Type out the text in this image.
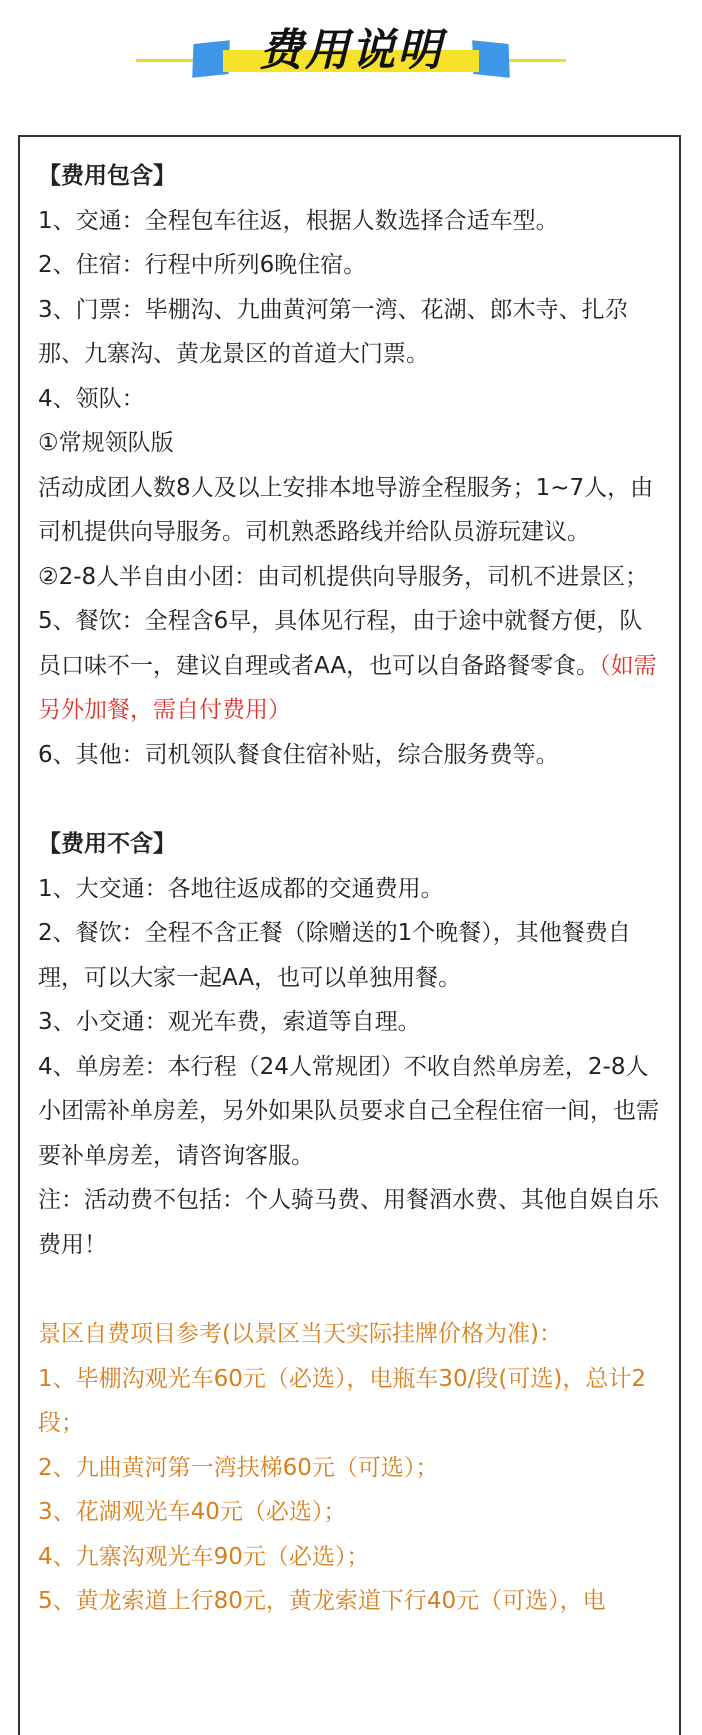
费用说明

【费用包含】

1、交通：全程包车往返，根据人数选择合适车型。

2、住宿：行程中所列6晚住宿。

3、门票：毕棚沟、九曲黄河第一湾、花湖、郎木寺、扎尕那、九寨沟、黄龙景区的首道大门票。

4、领队：

①常规领队版

活动成团人数8人及以上安排本地导游全程服务；1~7人，由司机提供向导服务。司机熟悉路线并给队员游玩建议。

②2-8人半自由小团：由司机提供向导服务，司机不进景区；

5、餐饮：全程含6早，具体见行程，由于途中就餐方便，队员口味不一，建议自理或者AA，也可以自备路餐零食。（如需另外加餐，需自付费用）

6、其他：司机领队餐食住宿补贴，综合服务费等。

【费用不含】

1、大交通：各地往返成都的交通费用。

2、餐饮：全程不含正餐（除赠送的1个晚餐），其他餐费自理，可以大家一起AA，也可以单独用餐。

3、小交通：观光车费，索道等自理。

4、单房差：本行程（24人常规团）不收自然单房差，2-8人小团需补单房差，另外如果队员要求自己全程住宿一间，也需要补单房差，请咨询客服。

注：活动费不包括：个人骑马费、用餐酒水费、其他自娱自乐费用！

景区自费项目参考(以景区当天实际挂牌价格为准)：

1、毕棚沟观光车60元（必选），电瓶车30/段(可选)，总计2段；

2、九曲黄河第一湾扶梯60元（可选）；

3、花湖观光车40元（必选）；

4、九寨沟观光车90元（必选）；

5、黄龙索道上行80元，黄龙索道下行40元（可选），电
